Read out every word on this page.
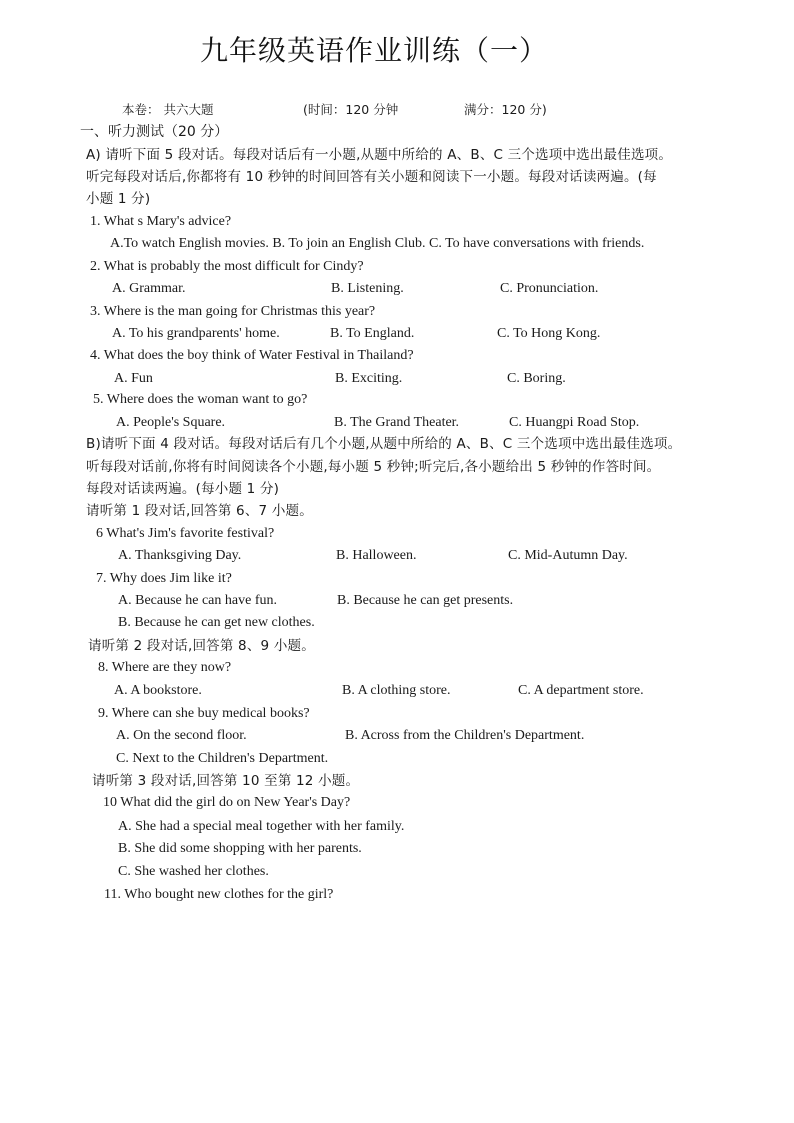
九年级英语作业训练（一）
本卷： 共六大题	(时间：120 分钟	满分：120 分)
一、听力测试（20 分）
A) 请听下面 5 段对话。每段对话后有一小题,从题中所给的 A、B、C 三个选项中选出最佳选项。
听完每段对话后,你都将有 10 秒钟的时间回答有关小题和阅读下一小题。每段对话读两遍。(每
小题 1 分)
1. What s Mary's advice?
A.To watch English movies. B. To join an English Club. C. To have conversations with friends.
2. What is probably the most difficult for Cindy?
A. Grammar.	B. Listening.	C. Pronunciation.
3. Where is the man going for Christmas this year?
A. To his grandparents' home.	B. To England.	C. To Hong Kong.
4. What does the boy think of Water Festival in Thailand?
A. Fun	B. Exciting.	C. Boring.
5. Where does the woman want to go?
A. People's Square.	B. The Grand Theater.	C. Huangpi Road Stop.
B)请听下面 4 段对话。每段对话后有几个小题,从题中所给的 A、B、C 三个选项中选出最佳选项。
听每段对话前,你将有时间阅读各个小题,每小题 5 秒钟;听完后,各小题给出 5 秒钟的作答时间。
每段对话读两遍。(每小题 1 分)
请听第 1 段对话,回答第 6、7 小题。
6 What's Jim's favorite festival?
A. Thanksgiving Day.	B. Halloween.	C. Mid-Autumn Day.
7. Why does Jim like it?
A. Because he can have fun.	B. Because he can get presents.
B. Because he can get new clothes.
请听第 2 段对话,回答第 8、9 小题。
8. Where are they now?
A. A bookstore.	B. A clothing store.	C. A department store.
9. Where can she buy medical books?
A. On the second floor.	B. Across from the Children's Department.
C. Next to the Children's Department.
请听第 3 段对话,回答第 10 至第 12 小题。
10 What did the girl do on New Year's Day?
A. She had a special meal together with her family.
B. She did some shopping with her parents.
C. She washed her clothes.
11. Who bought new clothes for the girl?
